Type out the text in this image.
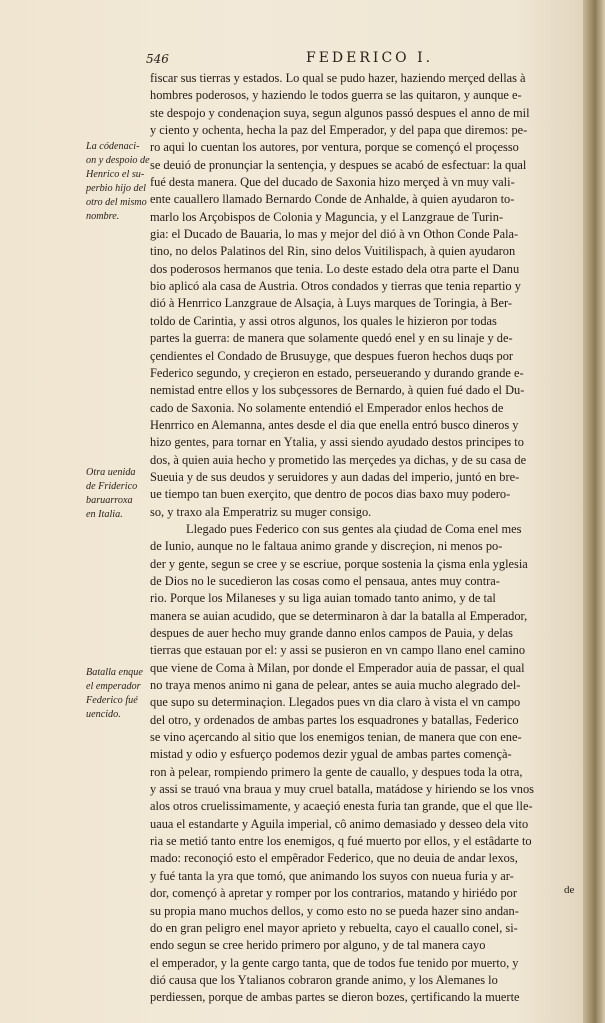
546	FEDERICO I.
La códenaci-
on y despoio de
Henrico el su-
perbio hijo del
otro del mismo
nombre.
Otra uenida
de Friderico
baruarroxa
en Italia.
Batalla enque
el emperador
Federico fué
uencido.
fiscar sus tierras y estados. Lo qual se pudo hazer, haziendo merçed dellas à
hombres poderosos, y haziendo le todos guerra se las quitaron, y aunque e-
ste despojo y condenaçion suya, segun algunos passó despues el anno de mil
y ciento y ochenta, hecha la paz del Emperador, y del papa que diremos: pe-
ro aqui lo cuentan los autores, por ventura, porque se començó el proçesso
se deuió de pronunçiar la sentençia, y despues se acabó de esfectuar: la qual
fué desta manera. Que del ducado de Saxonia hizo merçed à vn muy vali-
ente cauallero llamado Bernardo Conde de Anhalde, à quien ayudaron to-
marlo los Arçobispos de Colonia y Maguncia, y el Lanzgraue de Turin-
gia: el Ducado de Bauaria, lo mas y mejor del dió à vn Othon Conde Pala-
tino, no delos Palatinos del Rin, sino delos Vuitilispach, à quien ayudaron
dos poderosos hermanos que tenia. Lo deste estado dela otra parte el Danu
bio aplicó ala casa de Austria. Otros condados y tierras que tenia repartio y
dió à Henrrico Lanzgraue de Alsaçia, à Luys marques de Toringia, à Ber-
toldo de Carintia, y assi otros algunos, los quales le hizieron por todas
partes la guerra: de manera que solamente quedó enel y en su linaje y de-
çendientes el Condado de Brusuyge, que despues fueron hechos duqs por
Federico segundo, y creçieron en estado, perseuerando y durando grande e-
nemistad entre ellos y los subçessores de Bernardo, à quien fué dado el Du-
cado de Saxonia. No solamente entendió el Emperador enlos hechos de
Henrrico en Alemanna, antes desde el dia que enella entró busco dineros y
hizo gentes, para tornar en Ytalia, y assi siendo ayudado destos principes to
dos, à quien auia hecho y prometido las merçedes ya dichas, y de su casa de
Sueuia y de sus deudos y seruidores y aun dadas del imperio, juntó en bre-
ue tiempo tan buen exerçito, que dentro de pocos dias baxo muy podero-
so, y traxo ala Emperatriz su muger consigo.
Llegado pues Federico con sus gentes ala çiudad de Coma enel mes
de Iunio, aunque no le faltaua animo grande y discreçion, ni menos po-
der y gente, segun se cree y se escriue, porque sostenia la çisma enla yglesia
de Dios no le sucedieron las cosas como el pensaua, antes muy contra-
rio. Porque los Milaneses y su liga auian tomado tanto animo, y de tal
manera se auian acudido, que se determinaron à dar la batalla al Emperador,
despues de auer hecho muy grande danno enlos campos de Pauia, y delas
tierras que estauan por el: y assi se pusieron en vn campo llano enel camino
que viene de Coma à Milan, por donde el Emperador auia de passar, el qual
no traya menos animo ni gana de pelear, antes se auia mucho alegrado del-
que supo su determinaçion. Llegados pues vn dia claro à vista el vn campo
del otro, y ordenados de ambas partes los esquadrones y batallas, Federico
se vino açercando al sitio que los enemigos tenian, de manera que con ene-
mistad y odio y esfuerço podemos dezir ygual de ambas partes començà-
ron à pelear, rompiendo primero la gente de cauallo, y despues toda la otra,
y assi se trauó vna braua y muy cruel batalla, matádose y hiriendo se los vnos
alos otros cruelissimamente, y acaeçió enesta furia tan grande, que el que lle-
uaua el estandarte y Aguila imperial, cô animo demasiado y desseo dela vito
ria se metió tanto entre los enemigos, q fué muerto por ellos, y el estâdarte to
mado: reconoçió esto el empêrador Federico, que no deuia de andar lexos,
y fué tanta la yra que tomó, que animando los suyos con nueua furia y ar-
dor, començó à apretar y romper por los contrarios, matando y hiriédo por
su propia mano muchos dellos, y como esto no se pueda hazer sino andan-
do en gran peligro enel mayor aprieto y rebuelta, cayo el cauallo conel, si-
endo segun se cree herido primero por alguno, y de tal manera cayo
el emperador, y la gente cargo tanta, que de todos fue tenido por muerto, y
dió causa que los Ytalianos cobraron grande animo, y los Alemanes lo
perdiessen, porque de ambas partes se dieron bozes, çertificando la muerte
de
